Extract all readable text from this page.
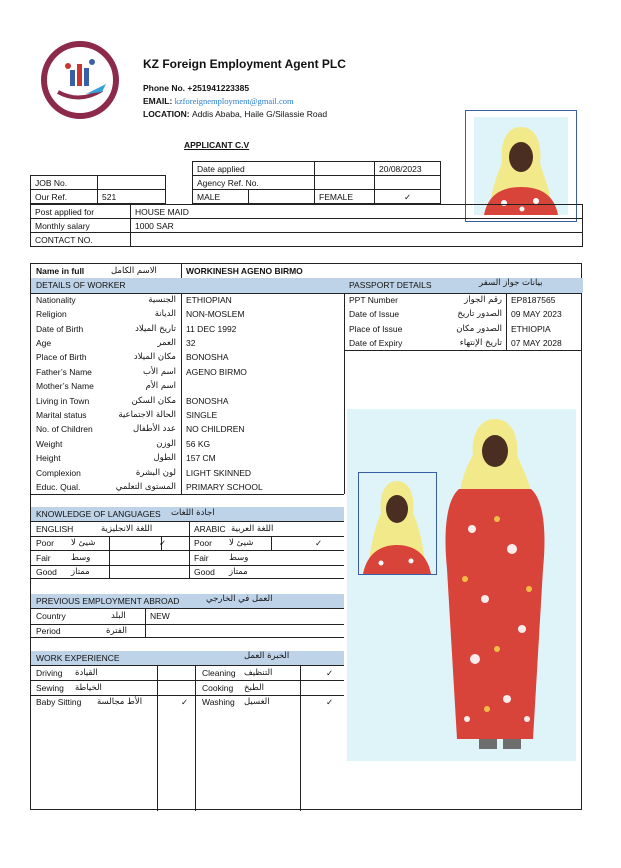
KZ Foreign Employment Agent PLC
Phone No. +251941223385
EMAIL: kzforeignemployment@gmail.com
LOCATION: Addis Ababa, Haile G/Silassie Road
APPLICANT C.V
			Date applied			20/08/2023
JOB No.			Agency Ref. No.			
Our Ref.	521		MALE		FEMALE	✓
Post applied for	HOUSE MAID
Monthly salary	1000 SAR
CONTACT NO.	
Name in full	الاسم الكامل	WORKINESH AGENO BIRMO
DETAILS OF WORKER	PASSPORT DETAILS	بيانات جواز السفر
Nationality	الجنسية ETHIOPIAN
Religion	الديانة NON-MOSLEM
Date of Birth	تاريخ الميلاد 11 DEC 1992
Age	العمر 32
Place of Birth	مكان الميلاد BONOSHA
Father’s Name	اسم الأب AGENO BIRMO
Mother’s Name	اسم الأم
Living in Town	مكان السكن BONOSHA
Marital status	الحالة الاجتماعية SINGLE
No. of Children	عدد الأطفال NO CHILDREN
Weight	الوزن 56 KG
Height	الطول 157 CM
Complexion	لون البشرة LIGHT SKINNED
Educ. Qual.	المستوى التعلمي PRIMARY SCHOOL
PPT Number	رقم الجواز EP8187565
Date of Issue	الصدور تاريخ 09 MAY 2023
Place of Issue	الصدور مكان ETHIOPIA
Date of Expiry	تاريخ الإنتهاء 07 MAY 2028
KNOWLEDGE OF LANGUAGES اجادة اللغات
ENGLISH	اللغة الانجليزية	ARABIC اللغة العربية
Poor شيئ لا	✓	Poor شيئ لا	✓
Fair وسط	Fair وسط
Good ممتاز	Good ممتاز
PREVIOUS EMPLOYMENT ABROAD	العمل في الخارجي
Country	البلد	NEW
Period	الفترة
WORK EXPERIENCE	الخبرة العمل
Driving القيادة	Cleaning التنظيف	✓
Sewing الخياطة	Cooking الطبخ
Baby Sitting الأط مجالسة	✓ Washing الغسيل	✓
